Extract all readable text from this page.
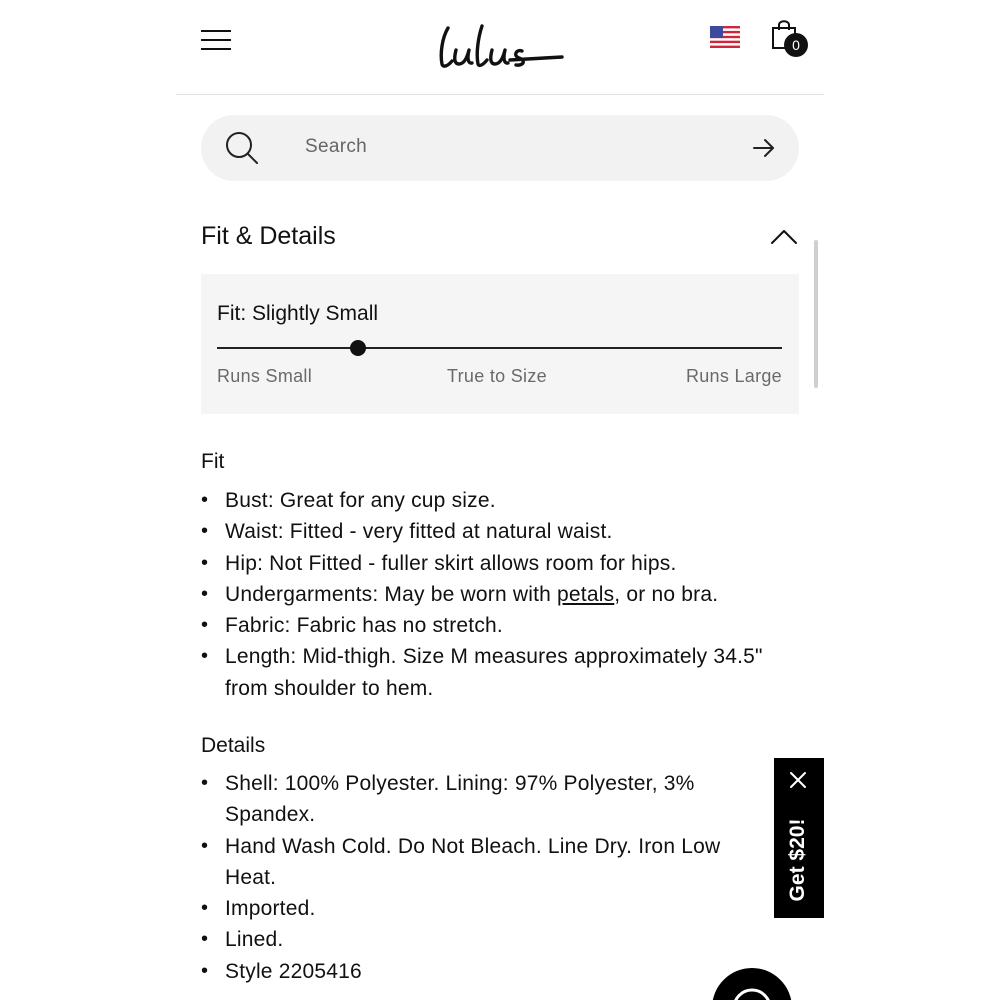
0
Search
Fit & Details
Fit: Slightly Small
Runs Small	True to Size	Runs Large
Fit
• Bust: Great for any cup size.
• Waist: Fitted - very fitted at natural waist.
• Hip: Not Fitted - fuller skirt allows room for hips.
• Undergarments: May be worn with petals, or no bra.
• Fabric: Fabric has no stretch.
• Length: Mid-thigh. Size M measures approximately 34.5" from shoulder to hem.
Details
• Shell: 100% Polyester. Lining: 97% Polyester, 3% Spandex.
• Hand Wash Cold. Do Not Bleach. Line Dry. Iron Low Heat.
• Imported.
• Lined.
• Style 2205416
Get $20!
